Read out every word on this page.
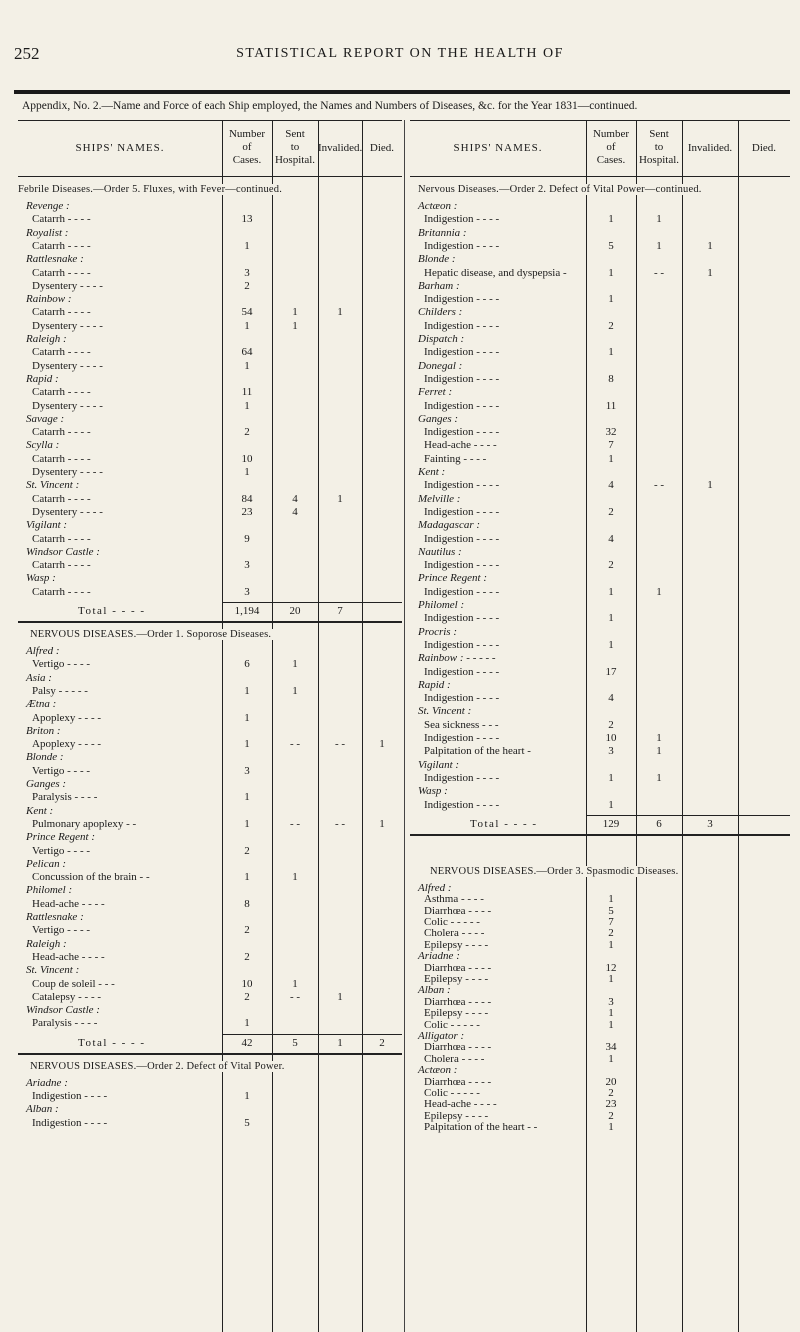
252	STATISTICAL REPORT ON THE HEALTH OF
Appendix, No. 2.—Name and Force of each Ship employed, the Names and Numbers of Diseases, &c. for the Year 1831—continued.
SHIPS' NAMES.
Number
of
Cases.
Sent
to
Hospital.
Invalided. Died.
Febrile Diseases.—Order 5. Fluxes, with Fever—continued.
Revenge :
Catarrh - - - -	13
Royalist :
Catarrh - - - -	1
Rattlesnake :
Catarrh - - - -	3
Dysentery - - - -	2
Rainbow :
Catarrh - - - -	54	1	1
Dysentery - - - -	1	1
Raleigh :
Catarrh - - - -	64
Dysentery - - - -	1
Rapid :
Catarrh - - - -	11
Dysentery - - - -	1
Savage :
Catarrh - - - -	2
Scylla :
Catarrh - - - -	10
Dysentery - - - -	1
St. Vincent :
Catarrh - - - -	84	4	1
Dysentery - - - -	23	4
Vigilant :
Catarrh - - - -	9
Windsor Castle :
Catarrh - - - -	3
Wasp :
Catarrh - - - -	3
Total - - - -	1,194	20	7
NERVOUS DISEASES.—Order 1. Soporose Diseases.
Alfred :
Vertigo - - - -	6	1
Asia :
Palsy - - - - -	1	1
Ætna :
Apoplexy - - - -	1
Briton :
Apoplexy - - - -	1	- -	- -	1
Blonde :
Vertigo - - - -	3
Ganges :
Paralysis - - - -	1
Kent :
Pulmonary apoplexy - -	1	- -	- -	1
Prince Regent :
Vertigo - - - -	2
Pelican :
Concussion of the brain - -	1	1
Philomel :
Head-ache - - - -	8
Rattlesnake :
Vertigo - - - -	2
Raleigh :
Head-ache - - - -	2
St. Vincent :
Coup de soleil - - -	10	1
Catalepsy - - - -	2	- -	1
Windsor Castle :
Paralysis - - - -	1
Total - - - -	42	5	1	2
NERVOUS DISEASES.—Order 2. Defect of Vital Power.
Ariadne :
Indigestion - - - -	1
Alban :
Indigestion - - - -	5
SHIPS' NAMES.
Number
of
Cases.
Sent
to
Hospital.
Invalided.	Died.
Nervous Diseases.—Order 2. Defect of Vital Power—continued.
Actæon :
Indigestion - - - -	1	1
Britannia :
Indigestion - - - -	5	1	1
Blonde :
Hepatic disease, and dyspepsia -	1	- -	1
Barham :
Indigestion - - - -	1
Childers :
Indigestion - - - -	2
Dispatch :
Indigestion - - - -	1
Donegal :
Indigestion - - - -	8
Ferret :
Indigestion - - - -	11
Ganges :
Indigestion - - - -	32
Head-ache - - - -	7
Fainting - - - -	1
Kent :
Indigestion - - - -	4	- -	1
Melville :
Indigestion - - - -	2
Madagascar :
Indigestion - - - -	4
Nautilus :
Indigestion - - - -	2
Prince Regent :
Indigestion - - - -	1	1
Philomel :
Indigestion - - - -	1
Procris :
Indigestion - - - -	1
Rainbow : - - - - -
Indigestion - - - -	17
Rapid :
Indigestion - - - -	4
St. Vincent :
Sea sickness - - -	2
Indigestion - - - -	10	1
Palpitation of the heart -	3	1
Vigilant :
Indigestion - - - -	1	1
Wasp :
Indigestion - - - -	1
Total - - - -	129	6	3
NERVOUS DISEASES.—Order 3. Spasmodic Diseases.
Alfred :
Asthma - - - -	1
Diarrhœa - - - -	5
Colic - - - - -	7
Cholera - - - -	2
Epilepsy - - - -	1
Ariadne :
Diarrhœa - - - -	12
Epilepsy - - - -	1
Alban :
Diarrhœa - - - -	3
Epilepsy - - - -	1
Colic - - - - -	1
Alligator :
Diarrhœa - - - -	34
Cholera - - - -	1
Actæon :
Diarrhœa - - - -	20
Colic - - - - -	2
Head-ache - - - -	23
Epilepsy - - - -	2
Palpitation of the heart - -	1
